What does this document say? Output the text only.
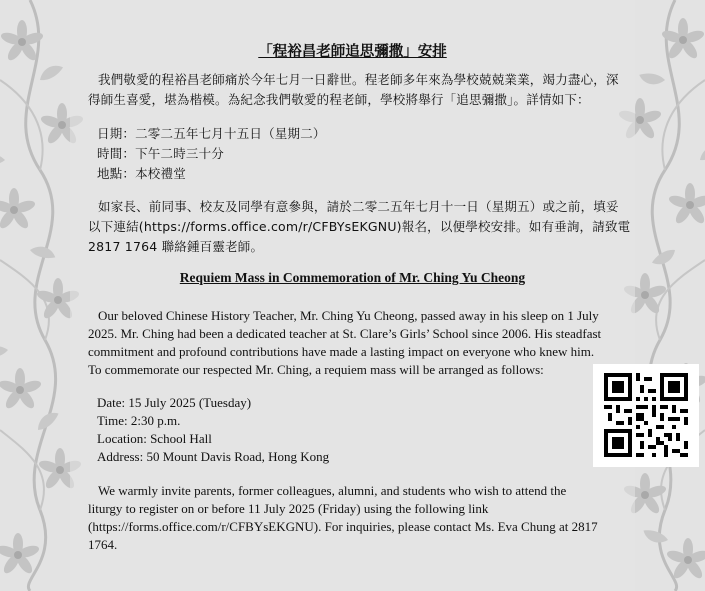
「程裕昌老師追思彌撒」安排

我們敬愛的程裕昌老師痛於今年七月一日辭世。程老師多年來為學校兢兢業業，竭力盡心，深

得師生喜愛，堪為楷模。為紀念我們敬愛的程老師，學校將舉行「追思彌撒」。詳情如下：

日期：二零二五年七月十五日（星期二）

時間：下午二時三十分

地點：本校禮堂

如家長、前同事、校友及同學有意參與，請於二零二五年七月十一日（星期五）或之前，填妥

以下連結(https://forms.office.com/r/CFBYsEKGNU)報名，以便學校安排。如有垂詢，請致電

2817 1764 聯絡鍾百靈老師。

Requiem Mass in Commemoration of Mr. Ching Yu Cheong

Our beloved Chinese History Teacher, Mr. Ching Yu Cheong, passed away in his sleep on 1 July

2025. Mr. Ching had been a dedicated teacher at St. Clare’s Girls’ School since 2006. His steadfast

commitment and profound contributions have made a lasting impact on everyone who knew him.

To commemorate our respected Mr. Ching, a requiem mass will be arranged as follows:

Date: 15 July 2025 (Tuesday)

Time: 2:30 p.m.

Location: School Hall

Address: 50 Mount Davis Road, Hong Kong

We warmly invite parents, former colleagues, alumni, and students who wish to attend the

liturgy to register on or before 11 July 2025 (Friday) using the following link

(https://forms.office.com/r/CFBYsEKGNU). For inquiries, please contact Ms. Eva Chung at 2817

1764.
